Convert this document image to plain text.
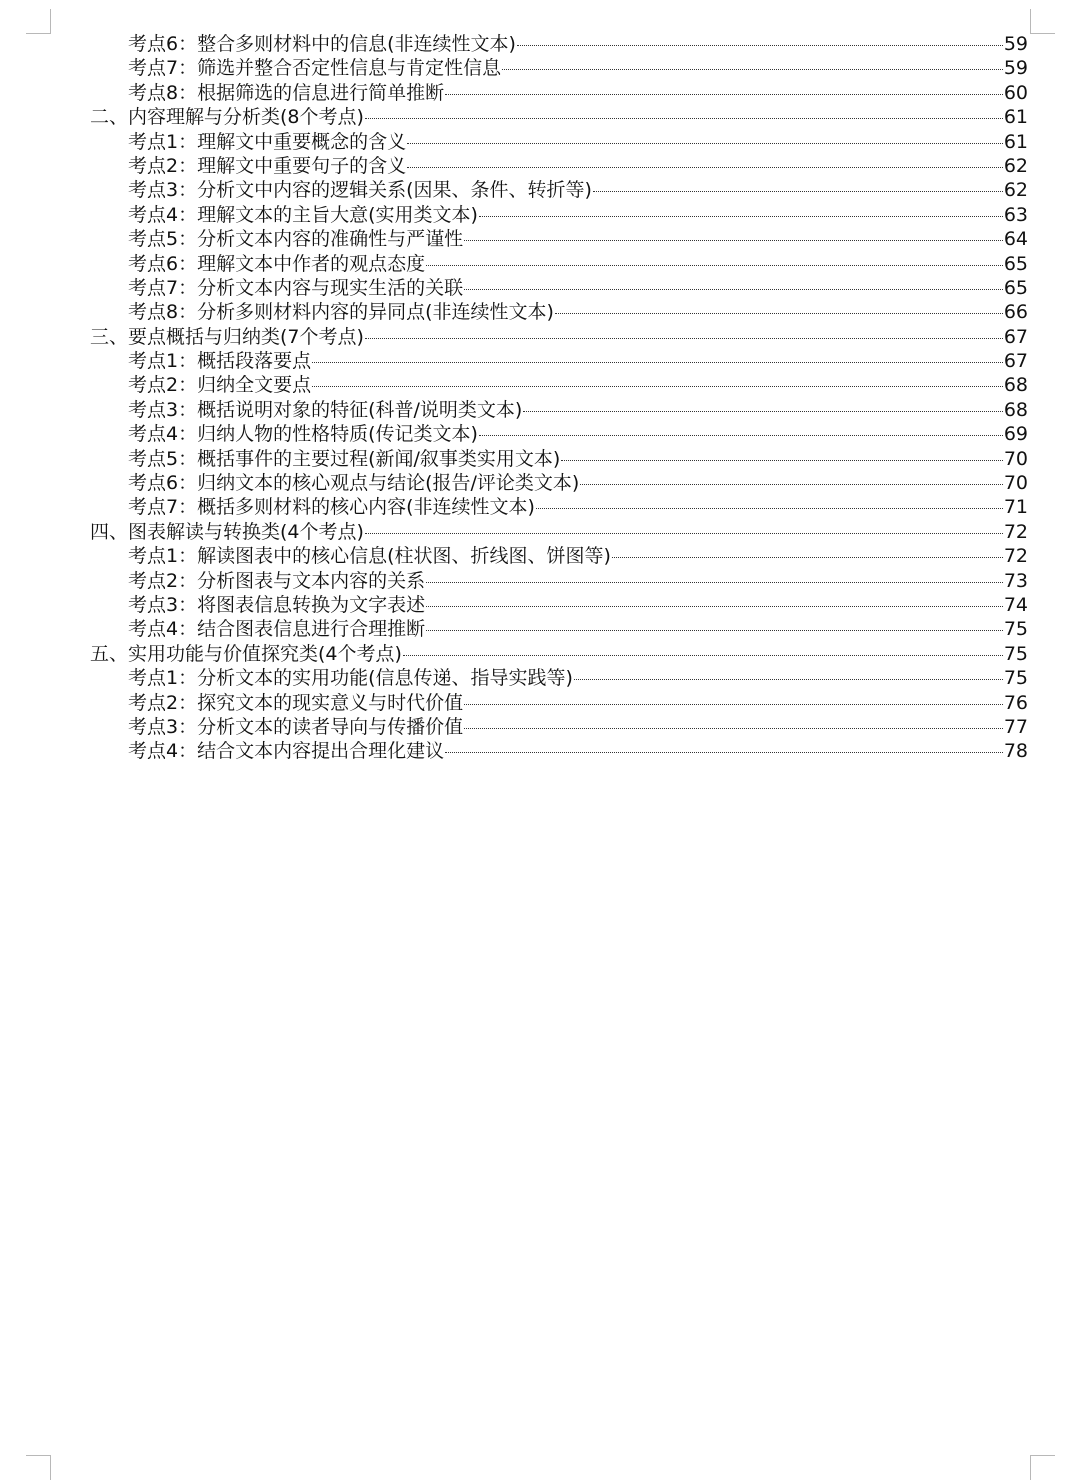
考点6：整合多则材料中的信息(非连续性文本)	59
考点7：筛选并整合否定性信息与肯定性信息	59
考点8：根据筛选的信息进行简单推断	60
二、内容理解与分析类(8个考点)	61
考点1：理解文中重要概念的含义	61
考点2：理解文中重要句子的含义	62
考点3：分析文中内容的逻辑关系(因果、条件、转折等)	62
考点4：理解文本的主旨大意(实用类文本)	63
考点5：分析文本内容的准确性与严谨性	64
考点6：理解文本中作者的观点态度	65
考点7：分析文本内容与现实生活的关联	65
考点8：分析多则材料内容的异同点(非连续性文本)	66
三、要点概括与归纳类(7个考点)	67
考点1：概括段落要点	67
考点2：归纳全文要点	68
考点3：概括说明对象的特征(科普/说明类文本)	68
考点4：归纳人物的性格特质(传记类文本)	69
考点5：概括事件的主要过程(新闻/叙事类实用文本)	70
考点6：归纳文本的核心观点与结论(报告/评论类文本)	70
考点7：概括多则材料的核心内容(非连续性文本)	71
四、图表解读与转换类(4个考点)	72
考点1：解读图表中的核心信息(柱状图、折线图、饼图等)	72
考点2：分析图表与文本内容的关系	73
考点3：将图表信息转换为文字表述	74
考点4：结合图表信息进行合理推断	75
五、实用功能与价值探究类(4个考点)	75
考点1：分析文本的实用功能(信息传递、指导实践等)	75
考点2：探究文本的现实意义与时代价值	76
考点3：分析文本的读者导向与传播价值	77
考点4：结合文本内容提出合理化建议	78
